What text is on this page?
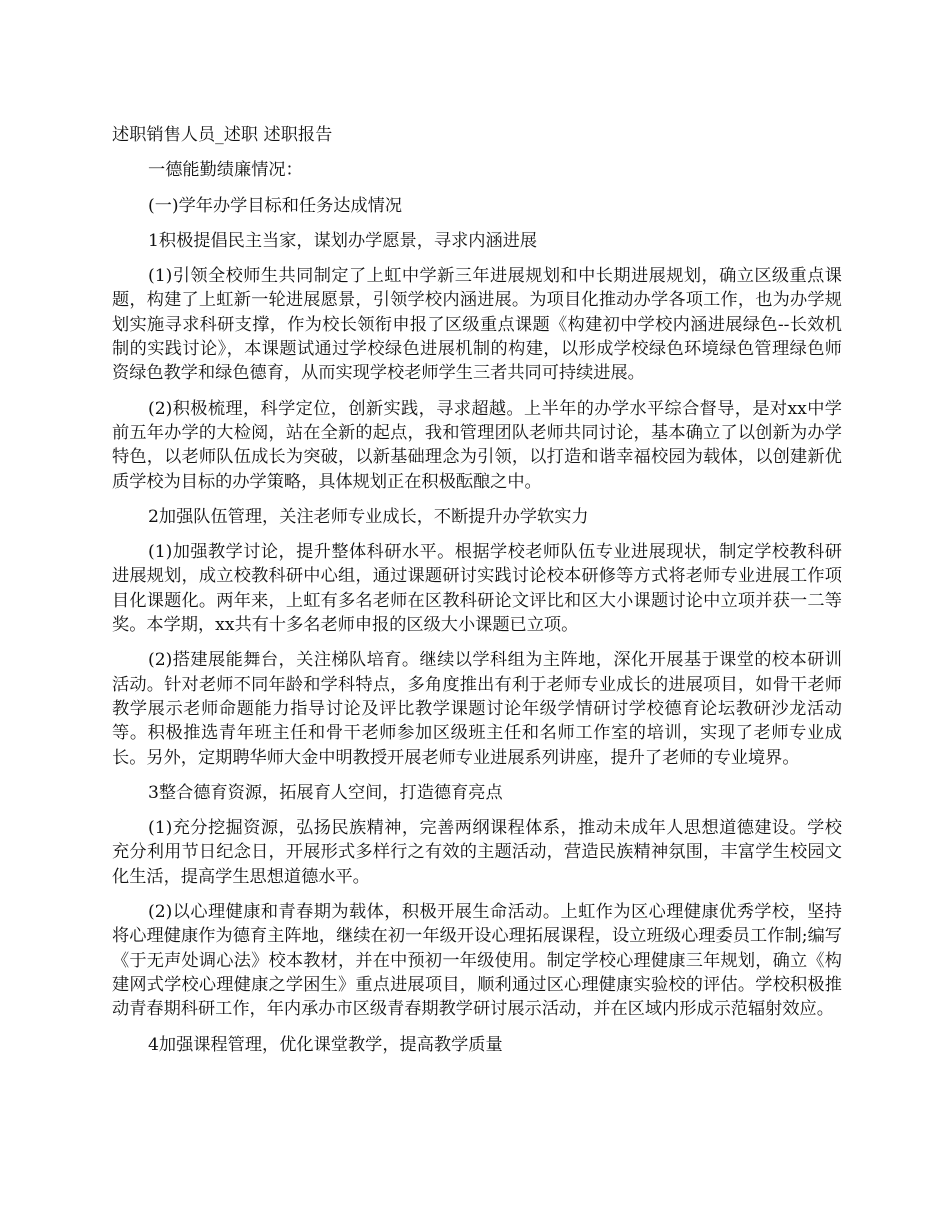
述职销售人员_述职 述职报告

一德能勤绩廉情况：

(一)学年办学目标和任务达成情况

1积极提倡民主当家，谋划办学愿景，寻求内涵进展

(1)引领全校师生共同制定了上虹中学新三年进展规划和中长期进展规划，确立区级重点课题，构建了上虹新一轮进展愿景，引领学校内涵进展。为项目化推动办学各项工作，也为办学规划实施寻求科研支撑，作为校长领衔申报了区级重点课题《构建初中学校内涵进展绿色--长效机制的实践讨论》，本课题试通过学校绿色进展机制的构建，以形成学校绿色环境绿色管理绿色师资绿色教学和绿色德育，从而实现学校老师学生三者共同可持续进展。

(2)积极梳理，科学定位，创新实践，寻求超越。上半年的办学水平综合督导，是对xx中学前五年办学的大检阅，站在全新的起点，我和管理团队老师共同讨论，基本确立了以创新为办学特色，以老师队伍成长为突破，以新基础理念为引领，以打造和谐幸福校园为载体，以创建新优质学校为目标的办学策略，具体规划正在积极酝酿之中。

2加强队伍管理，关注老师专业成长，不断提升办学软实力

(1)加强教学讨论，提升整体科研水平。根据学校老师队伍专业进展现状，制定学校教科研进展规划，成立校教科研中心组，通过课题研讨实践讨论校本研修等方式将老师专业进展工作项目化课题化。两年来，上虹有多名老师在区教科研论文评比和区大小课题讨论中立项并获一二等奖。本学期，xx共有十多名老师申报的区级大小课题已立项。

(2)搭建展能舞台，关注梯队培育。继续以学科组为主阵地，深化开展基于课堂的校本研训活动。针对老师不同年龄和学科特点，多角度推出有利于老师专业成长的进展项目，如骨干老师教学展示老师命题能力指导讨论及评比教学课题讨论年级学情研讨学校德育论坛教研沙龙活动等。积极推选青年班主任和骨干老师参加区级班主任和名师工作室的培训，实现了老师专业成长。另外，定期聘华师大金中明教授开展老师专业进展系列讲座，提升了老师的专业境界。

3整合德育资源，拓展育人空间，打造德育亮点

(1)充分挖掘资源，弘扬民族精神，完善两纲课程体系，推动未成年人思想道德建设。学校充分利用节日纪念日，开展形式多样行之有效的主题活动，营造民族精神氛围，丰富学生校园文化生活，提高学生思想道德水平。

(2)以心理健康和青春期为载体，积极开展生命活动。上虹作为区心理健康优秀学校，坚持将心理健康作为德育主阵地，继续在初一年级开设心理拓展课程，设立班级心理委员工作制;编写《于无声处调心法》校本教材，并在中预初一年级使用。制定学校心理健康三年规划，确立《构建网式学校心理健康之学困生》重点进展项目，顺利通过区心理健康实验校的评估。学校积极推动青春期科研工作，年内承办市区级青春期教学研讨展示活动，并在区域内形成示范辐射效应。

4加强课程管理，优化课堂教学，提高教学质量
